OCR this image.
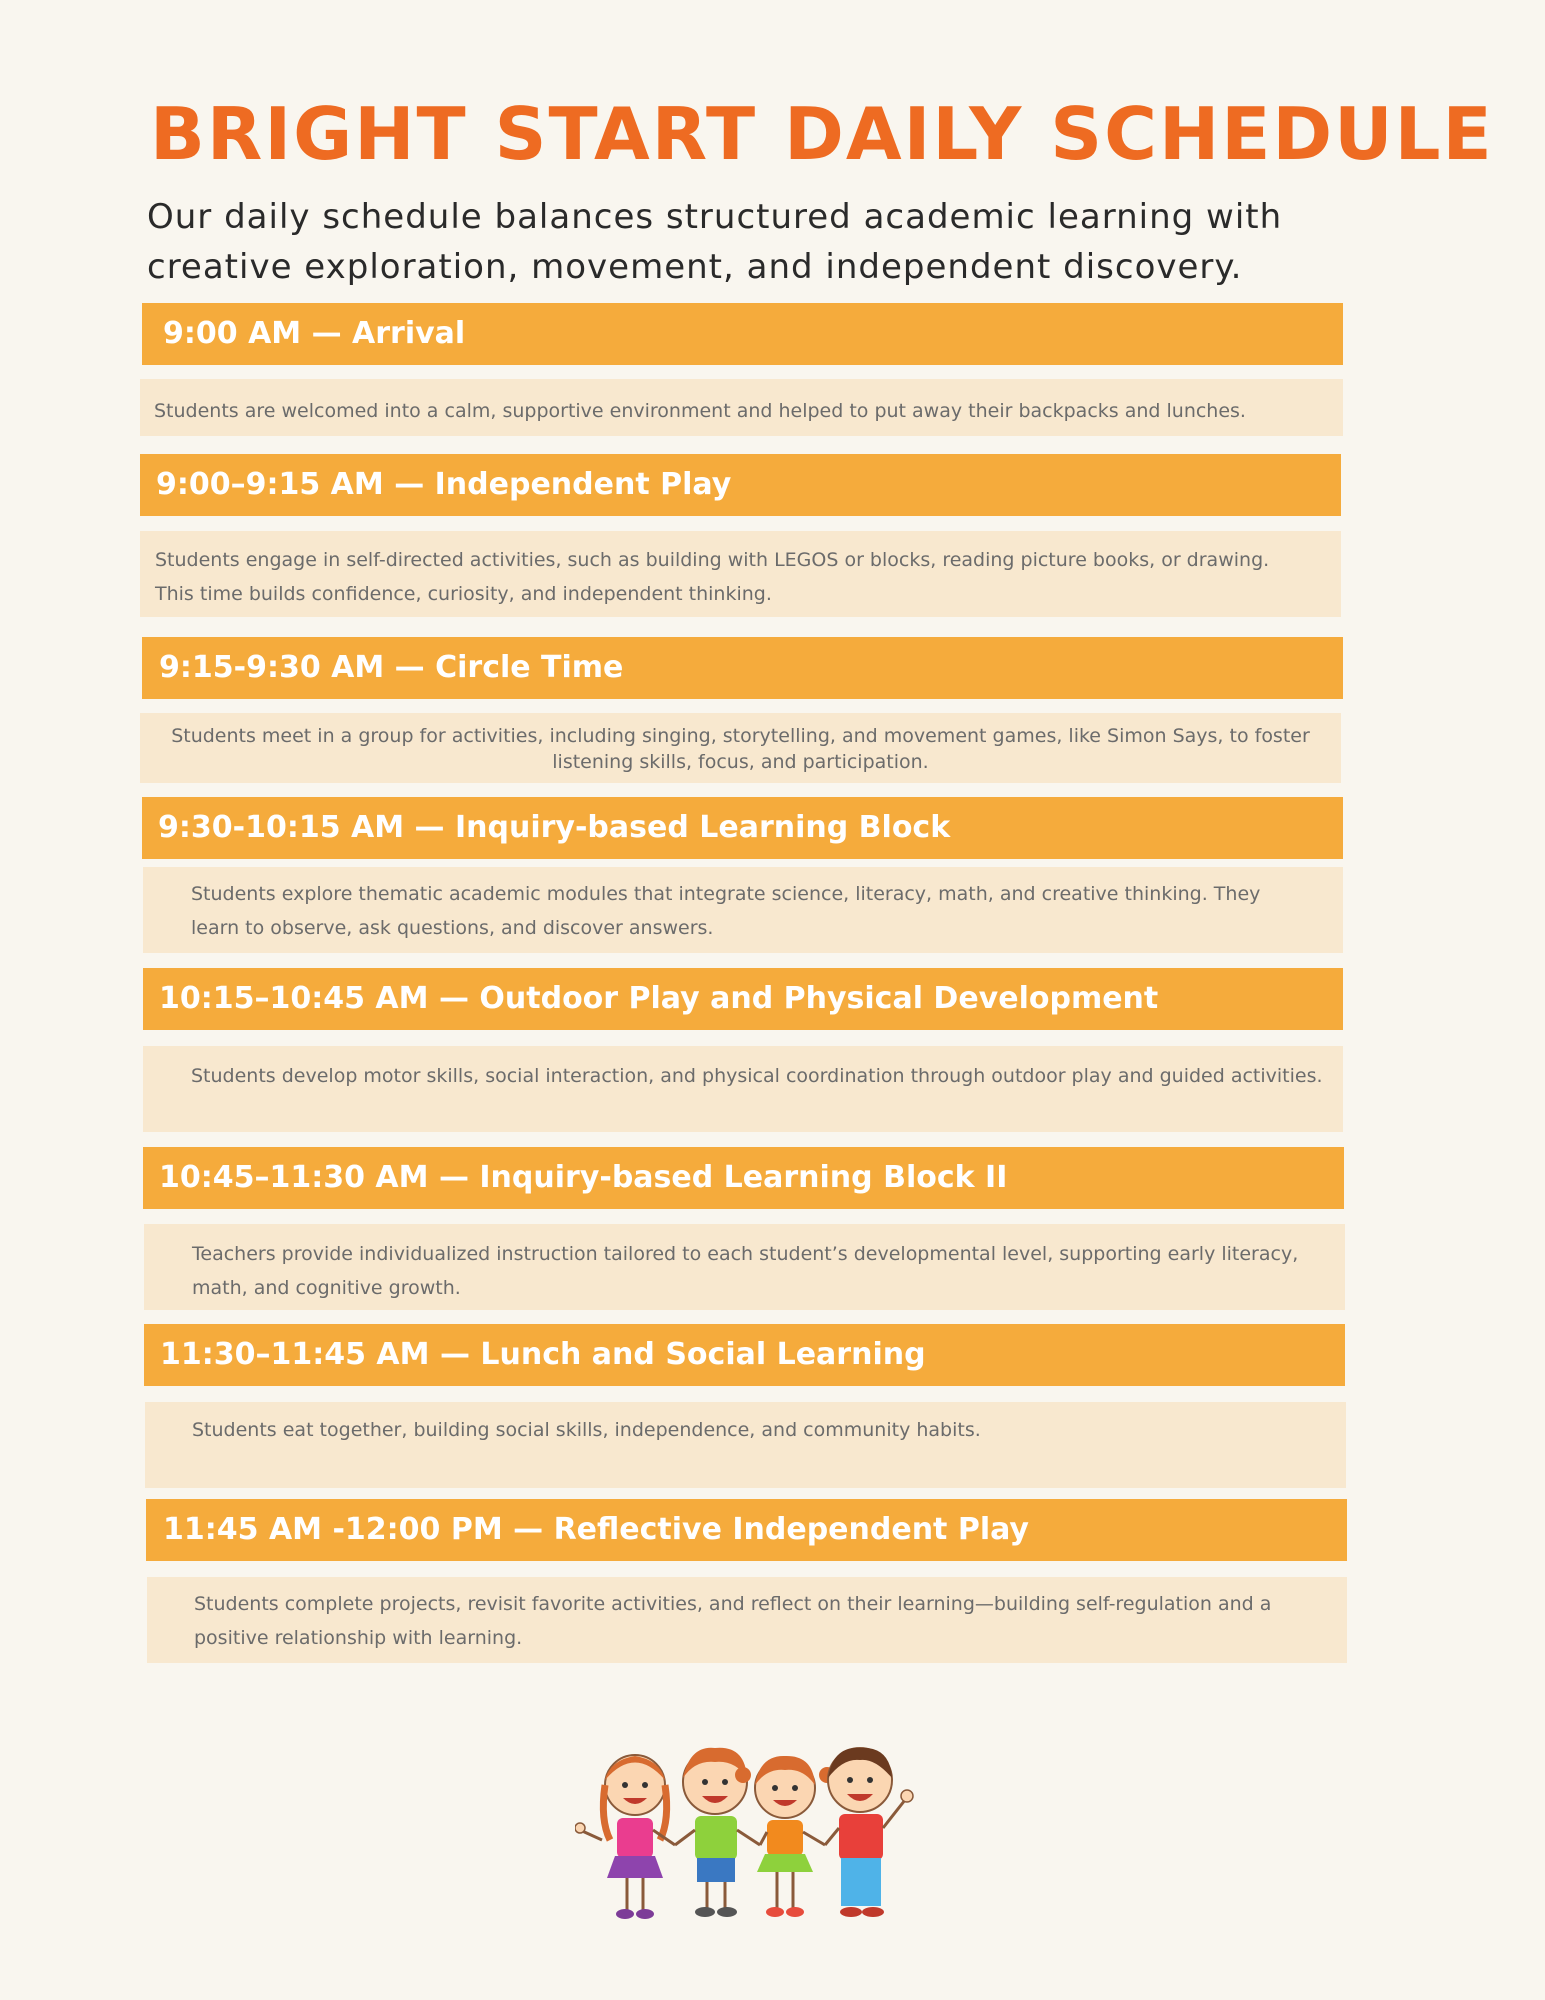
BRIGHT START DAILY SCHEDULE

Our daily schedule balances structured academic learning with creative exploration, movement, and independent discovery.

9:00 AM — Arrival
Students are welcomed into a calm, supportive environment and helped to put away their backpacks and lunches.
9:00–9:15 AM — Independent Play
Students engage in self-directed activities, such as building with LEGOS or blocks, reading picture books, or drawing. This time builds confidence, curiosity, and independent thinking.
9:15-9:30 AM — Circle Time
Students meet in a group for activities, including singing, storytelling, and movement games, like Simon Says, to foster listening skills, focus, and participation.
9:30-10:15 AM — Inquiry-based Learning Block
Students explore thematic academic modules that integrate science, literacy, math, and creative thinking. They learn to observe, ask questions, and discover answers.
10:15–10:45 AM — Outdoor Play and Physical Development
Students develop motor skills, social interaction, and physical coordination through outdoor play and guided activities.
10:45–11:30 AM — Inquiry-based Learning Block II
Teachers provide individualized instruction tailored to each student’s developmental level, supporting early literacy, math, and cognitive growth.
11:30–11:45 AM — Lunch and Social Learning
Students eat together, building social skills, independence, and community habits.
11:45 AM -12:00 PM — Reflective Independent Play
Students complete projects, revisit favorite activities, and reflect on their learning—building self-regulation and a positive relationship with learning.
